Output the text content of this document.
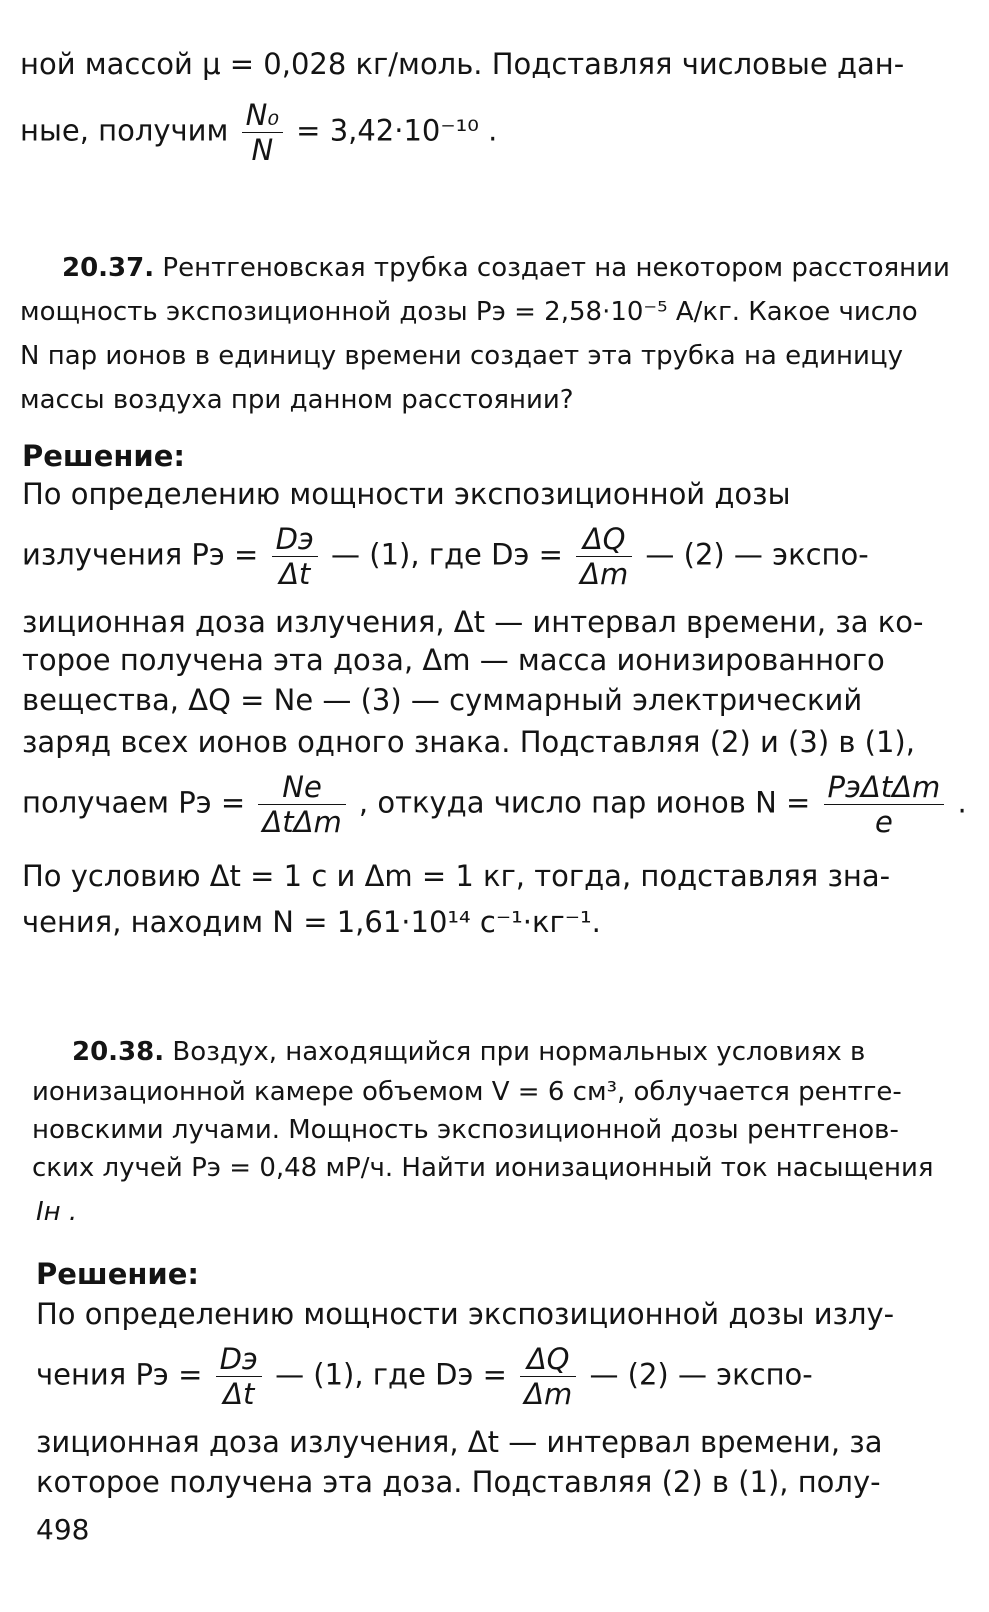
ной массой μ = 0,028 кг/моль. Подставляя числовые дан-
ные, получим $\frac{\text{N₀}}{N} = 3,42\cdot 10^{-10}$ .
20.37. Рентгеновская трубка создает на некотором расстоянии
мощность экспозиционной дозы Pэ = 2,58·10⁻⁵ А/кг. Какое число
N пар ионов в единицу времени создает эта трубка на единицу
массы воздуха при данном расстоянии?
Решение:
По определению мощности экспозиционной дозы
излучения Pэ = $\frac{Dэ}{\Delta t}$ — (1), где Dэ = $\frac{\Delta Q}{\Delta m}$ — (2) — экспо-
зиционная доза излучения, Δt — интервал времени, за ко-
торое получена эта доза, Δm — масса ионизированного
вещества, ΔQ = Ne — (3) — суммарный электрический
заряд всех ионов одного знака. Подставляя (2) и (3) в (1),
получаем Pэ = $\frac{Ne}{\text{ΔtΔm}}$ , откуда число пар ионов $N = \frac{\text{PэΔtΔm}}{e}$ .
По условию Δt = 1 с и Δm = 1 кг, тогда, подставляя зна-
чения, находим N = 1,61·10¹⁴ с⁻¹·кг⁻¹.
20.38. Воздух, находящийся при нормальных условиях в
ионизационной камере объемом V = 6 см³, облучается рентге-
новскими лучами. Мощность экспозиционной дозы рентгенов-
ских лучей Pэ = 0,48 мР/ч. Найти ионизационный ток насыщения
Iн .
Решение:
По определению мощности экспозиционной дозы излу-
чения Pэ = $\frac{Dэ}{\Delta t}$ — (1), где Dэ = $\frac{\Delta Q}{\Delta m}$ — (2) — экспо-
зиционная доза излучения, Δt — интервал времени, за
которое получена эта доза. Подставляя (2) в (1), полу-
498
